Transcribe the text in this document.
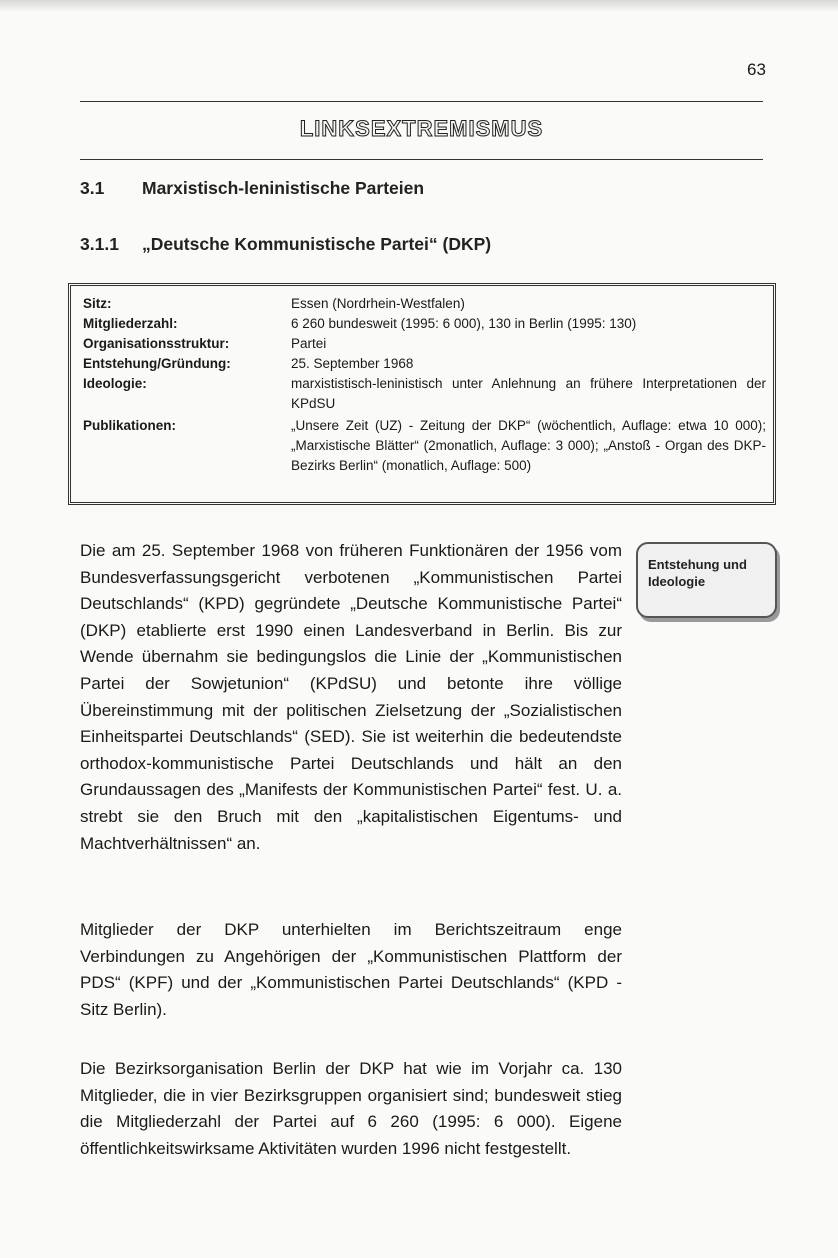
63
LINKSEXTREMISMUS
3.1 Marxistisch-leninistische Parteien
3.1.1 „Deutsche Kommunistische Partei“ (DKP)
Sitz:	Essen (Nordrhein-Westfalen)
Mitgliederzahl:	6 260 bundesweit (1995: 6 000), 130 in Berlin (1995: 130)
Organisationsstruktur:	Partei
Entstehung/Gründung:	25. September 1968
Ideologie:	marxististisch-leninistisch unter Anlehnung an frühere Interpretationen der KPdSU
Publikationen:	„Unsere Zeit (UZ) - Zeitung der DKP“ (wöchentlich, Auflage: etwa 10 000); „Marxistische Blätter“ (2monatlich, Auflage: 3 000); „Anstoß - Organ des DKP-Bezirks Berlin“ (monatlich, Auflage: 500)

Die am 25. September 1968 von früheren Funktionären der 1956 vom Bundesverfassungsgericht verbotenen „Kommunistischen Partei Deutschlands“ (KPD) gegründete „Deutsche Kommunistische Partei“ (DKP) etablierte erst 1990 einen Landesverband in Berlin. Bis zur Wende übernahm sie bedingungslos die Linie der „Kommunistischen Partei der Sowjetunion“ (KPdSU) und betonte ihre völlige Übereinstimmung mit der politischen Zielsetzung der „Sozialistischen Einheitspartei Deutschlands“ (SED). Sie ist weiterhin die bedeutendste orthodox-kommunistische Partei Deutschlands und hält an den Grundaussagen des „Manifests der Kommunistischen Partei“ fest. U. a. strebt sie den Bruch mit den „kapitalistischen Eigentums- und Machtverhältnissen“ an.

Entstehung und Ideologie

Mitglieder der DKP unterhielten im Berichtszeitraum enge Verbindungen zu Angehörigen der „Kommunistischen Plattform der PDS“ (KPF) und der „Kommunistischen Partei Deutschlands“ (KPD - Sitz Berlin).

Die Bezirksorganisation Berlin der DKP hat wie im Vorjahr ca. 130 Mitglieder, die in vier Bezirksgruppen organisiert sind; bundesweit stieg die Mitgliederzahl der Partei auf 6 260 (1995: 6 000). Eigene öffentlichkeitswirksame Aktivitäten wurden 1996 nicht festgestellt.
